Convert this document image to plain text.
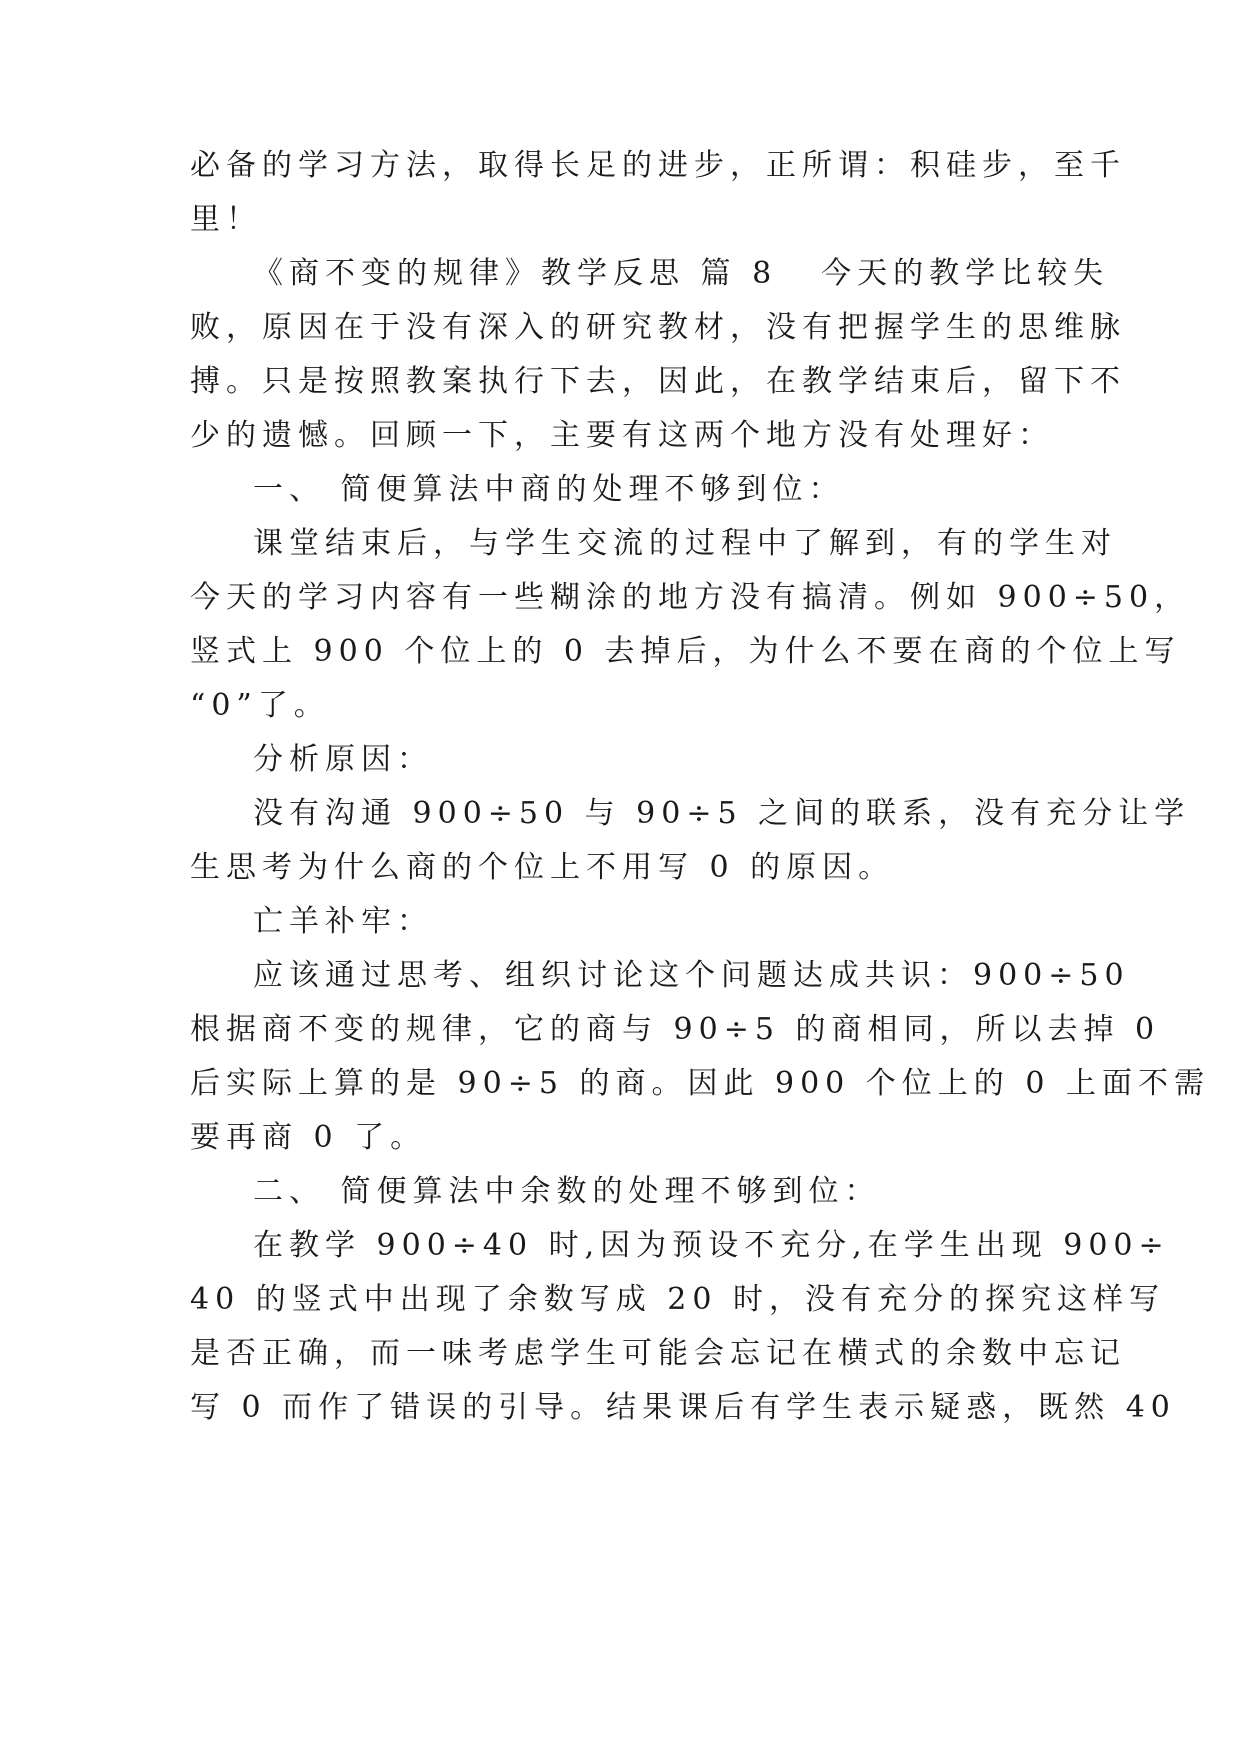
必备的学习方法，取得长足的进步，正所谓：积硅步，至千
里！
《商不变的规律》教学反思 篇 8 今天的教学比较失
败，原因在于没有深入的研究教材，没有把握学生的思维脉
搏。只是按照教案执行下去，因此，在教学结束后，留下不
少的遗憾。回顾一下，主要有这两个地方没有处理好：
一、 简便算法中商的处理不够到位：
课堂结束后，与学生交流的过程中了解到，有的学生对
今天的学习内容有一些糊涂的地方没有搞清。例如 900÷50，
竖式上 900 个位上的 0 去掉后，为什么不要在商的个位上写
“0”了。
分析原因：
没有沟通 900÷50 与 90÷5 之间的联系，没有充分让学
生思考为什么商的个位上不用写 0 的原因。
亡羊补牢：
应该通过思考、组织讨论这个问题达成共识：900÷50
根据商不变的规律，它的商与 90÷5 的商相同，所以去掉 0
后实际上算的是 90÷5 的商。因此 900 个位上的 0 上面不需
要再商 0 了。
二、 简便算法中余数的处理不够到位：
在教学 900÷40 时,因为预设不充分,在学生出现 900÷
40 的竖式中出现了余数写成 20 时，没有充分的探究这样写
是否正确，而一味考虑学生可能会忘记在横式的余数中忘记
写 0 而作了错误的引导。结果课后有学生表示疑惑，既然 40
